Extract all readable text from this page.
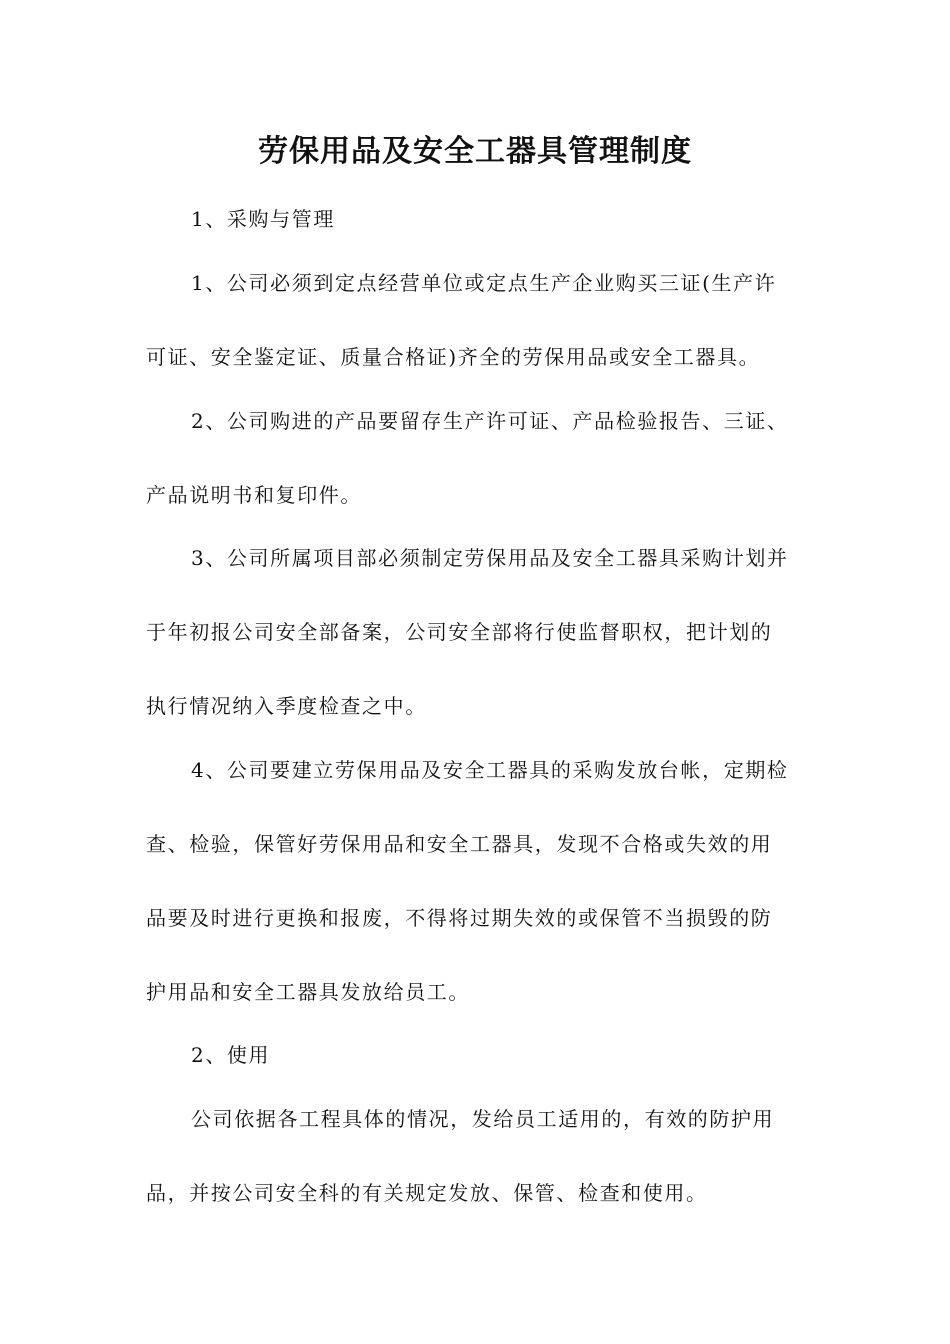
劳保用品及安全工器具管理制度
1、采购与管理
1、公司必须到定点经营单位或定点生产企业购买三证(生产许
可证、安全鉴定证、质量合格证)齐全的劳保用品或安全工器具。
2、公司购进的产品要留存生产许可证、产品检验报告、三证、
产品说明书和复印件。
3、公司所属项目部必须制定劳保用品及安全工器具采购计划并
于年初报公司安全部备案，公司安全部将行使监督职权，把计划的
执行情况纳入季度检查之中。
4、公司要建立劳保用品及安全工器具的采购发放台帐，定期检
查、检验，保管好劳保用品和安全工器具，发现不合格或失效的用
品要及时进行更换和报废，不得将过期失效的或保管不当损毁的防
护用品和安全工器具发放给员工。
2、使用
公司依据各工程具体的情况，发给员工适用的，有效的防护用
品，并按公司安全科的有关规定发放、保管、检查和使用。
